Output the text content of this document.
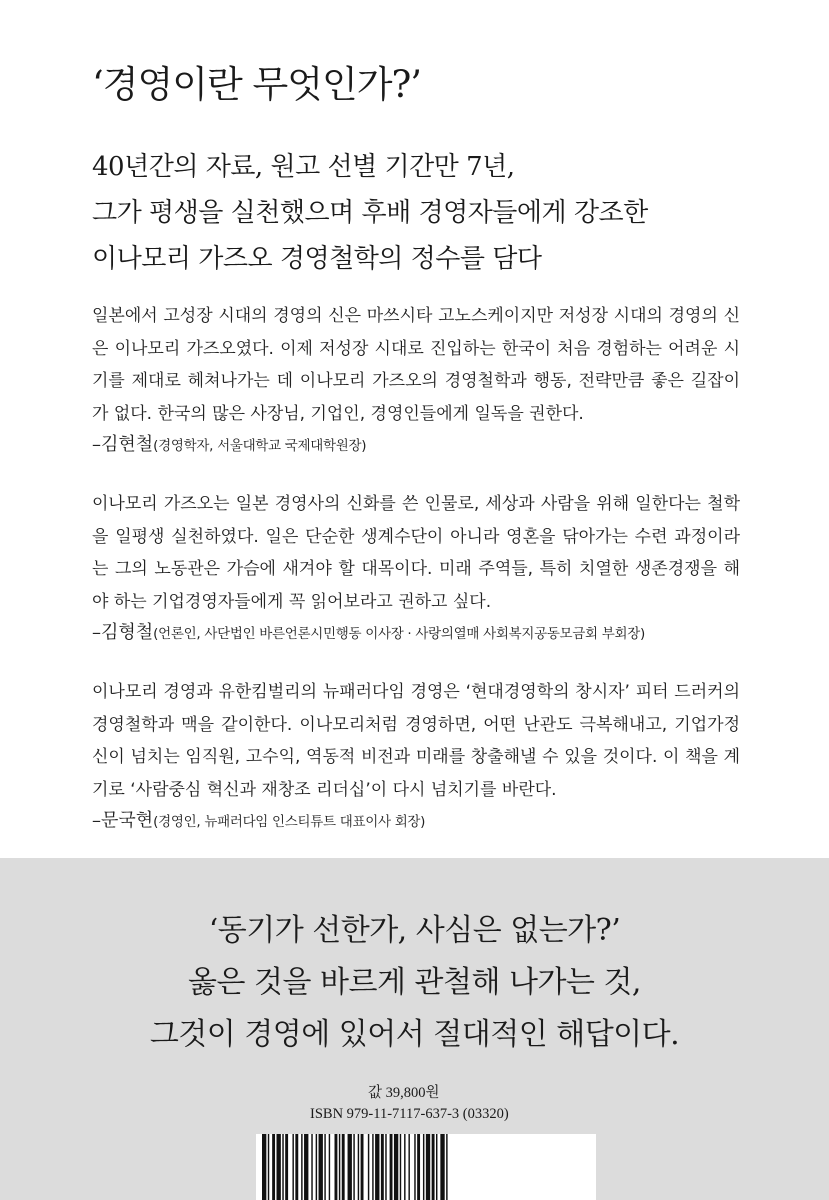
‘경영이란 무엇인가?’
40년간의 자료, 원고 선별 기간만 7년,
그가 평생을 실천했으며 후배 경영자들에게 강조한
이나모리 가즈오 경영철학의 정수를 담다

일본에서 고성장 시대의 경영의 신은 마쓰시타 고노스케이지만 저성장 시대의 경영의 신은 이나모리 가즈오였다. 이제 저성장 시대로 진입하는 한국이 처음 경험하는 어려운 시기를 제대로 헤쳐나가는 데 이나모리 가즈오의 경영철학과 행동, 전략만큼 좋은 길잡이가 없다. 한국의 많은 사장님, 기업인, 경영인들에게 일독을 권한다.

–김현철(경영학자, 서울대학교 국제대학원장)

이나모리 가즈오는 일본 경영사의 신화를 쓴 인물로, 세상과 사람을 위해 일한다는 철학을 일평생 실천하였다. 일은 단순한 생계수단이 아니라 영혼을 닦아가는 수련 과정이라는 그의 노동관은 가슴에 새겨야 할 대목이다. 미래 주역들, 특히 치열한 생존경쟁을 해야 하는 기업경영자들에게 꼭 읽어보라고 권하고 싶다.

–김형철(언론인, 사단법인 바른언론시민행동 이사장 · 사랑의열매 사회복지공동모금회 부회장)

이나모리 경영과 유한킴벌리의 뉴패러다임 경영은 ‘현대경영학의 창시자’ 피터 드러커의 경영철학과 맥을 같이한다. 이나모리처럼 경영하면, 어떤 난관도 극복해내고, 기업가정신이 넘치는 임직원, 고수익, 역동적 비전과 미래를 창출해낼 수 있을 것이다. 이 책을 계기로 ‘사람중심 혁신과 재창조 리더십’이 다시 넘치기를 바란다.

–문국현(경영인, 뉴패러다임 인스티튜트 대표이사 회장)

‘동기가 선한가, 사심은 없는가?’
옳은 것을 바르게 관철해 나가는 것,
그것이 경영에 있어서 절대적인 해답이다.
값 39,800원
ISBN 979-11-7117-637-3 (03320)
